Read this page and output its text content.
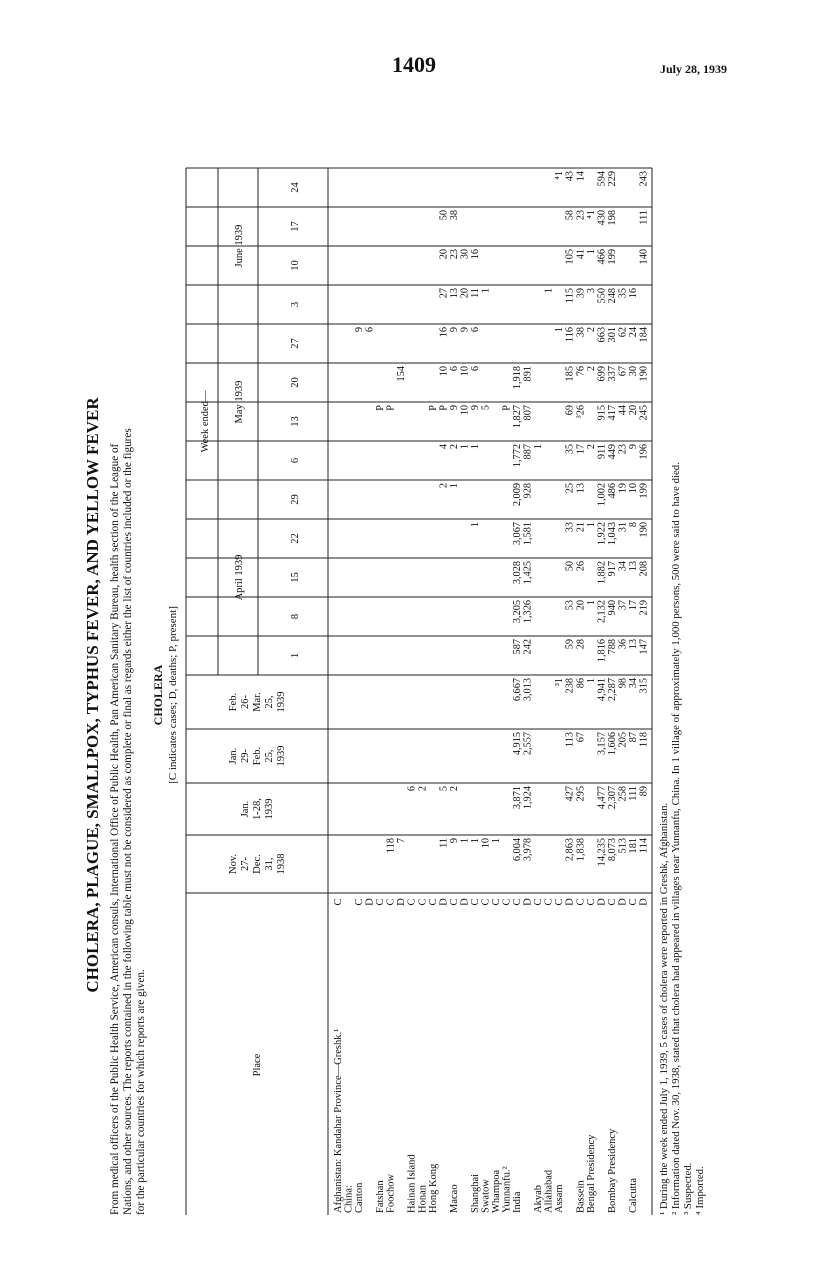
1409	July 28, 1939
CHOLERA, PLAGUE, SMALLPOX, TYPHUS FEVER, AND YELLOW FEVER From medical officers of the Public Health Service, American consuls, International Office of Public Health, Pan American Sanitary Bureau, health section of the League of Nations, and other sources. The reports contained in the following table must not be considered as complete or final as regards either the list of countries included or the figures for the particular countries for which reports are given.
CHOLERA [C indicates cases; D, deaths; P, present]
Place
Nov. 27- Dec. 31, 1938
Jan. 1-28, 1939
Jan. 29- Feb. 25, 1939
Feb. 26- Mar. 25, 1939
Week ended—
April 1939
May 1939
June 1939
1
8
15
22
29
6
13
20
27
3
10
17
24
Afghanistan: Kandahar Province—Greshk.¹
C
China: Canton
C
9
D
6
Fatshan
C
P
Foochow
C
118
P
D
7
154
Hainan Island
C
6
Honan
C
2
Hong Kong
C
P
D
11
5
2
4
P
10
16
27
20
50
Macao
C
9
2
1
2
9
6
9
13
23
38
D
1
1
10
10
9
20
30
Shanghai
C
1
1
1
9
6
6
11
16
Swatow
C
10
5
1
Whampoa
C
1
Yunnanfu.²
C
P
India
C
6,004
3,871
4,915
6,667
587
3,205
3,028
3,067
2,009
1,772
1,827
1,918
D
3,978
1,924
2,557
3,013
242
1,326
1,425
1,581
928
887
807
891
Akyab
C
1
Allahabad
C
1
Assam
C
³1
1
⁴1
D
2,863
427
113
238
59
53
50
33
25
35
69
185
116
115
105
58
43
Bassein
C
1,838
295
67
86
28
20
26
21
13
17
³26
76
38
39
41
23
14
Bengal Presidency
C
1
1
1
2
2
2
3
1
⁴1
D
14,235
4,477
3,157
4,941
1,816
2,132
1,882
1,922
1,002
911
915
699
663
550
466
430
594
Bombay Presidency
C
8,073
2,307
1,606
2,287
788
940
917
1,043
486
449
417
337
301
248
199
198
229
D
513
258
205
98
36
37
34
31
19
23
44
67
62
35
Calcutta
C
181
111
87
34
13
17
13
8
10
9
20
30
24
16
D
114
89
118
315
147
219
208
190
199
196
245
190
184
140
111
243
¹ During the week ended July 1, 1939, 5 cases of cholera were reported in Greshk, Afghanistan. ² Information dated Nov. 30, 1938, stated that cholera had appeared in villages near Yunnanfu, China. In 1 village of approximately 1,000 persons, 500 were said to have died. ³ Suspected. ⁴ Imported.
